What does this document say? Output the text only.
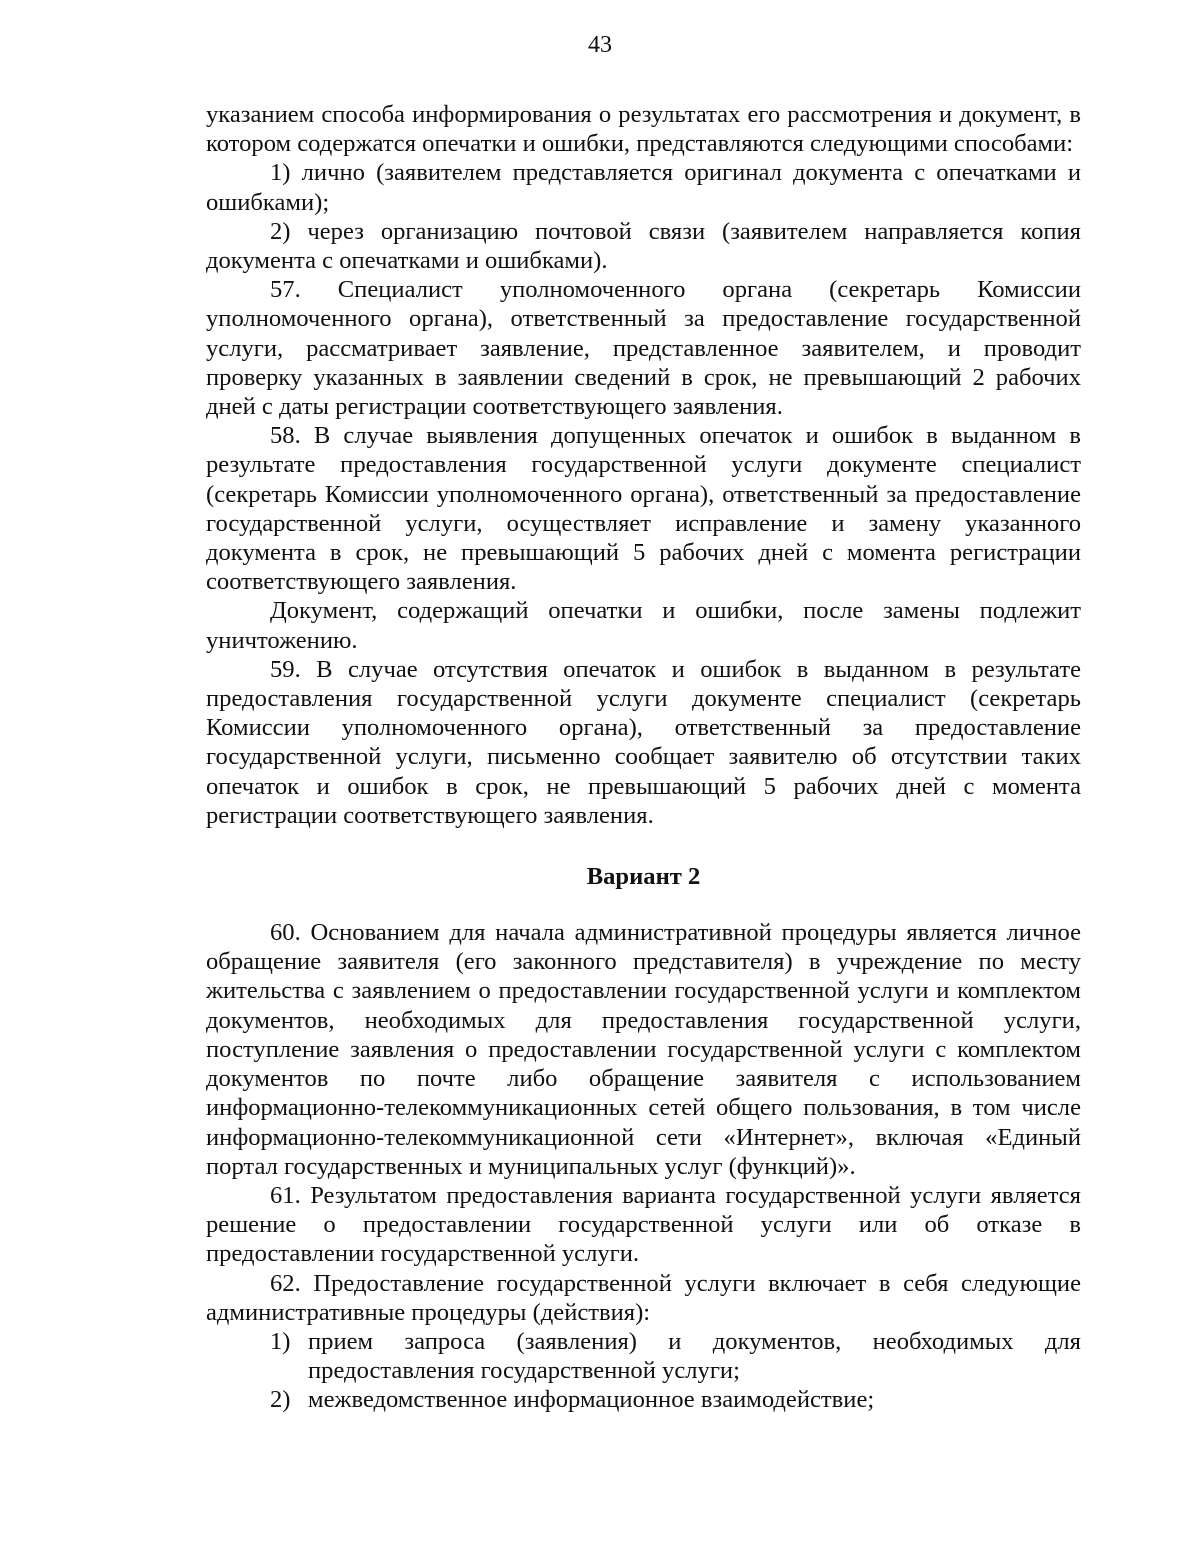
43

указанием способа информирования о результатах его рассмотрения и документ, в котором содержатся опечатки и ошибки, представляются следующими способами:

1) лично (заявителем представляется оригинал документа с опечатками и ошибками);

2) через организацию почтовой связи (заявителем направляется копия документа с опечатками и ошибками).

57. Специалист уполномоченного органа (секретарь Комиссии уполномоченного органа), ответственный за предоставление государственной услуги, рассматривает заявление, представленное заявителем, и проводит проверку указанных в заявлении сведений в срок, не превышающий 2 рабочих дней с даты регистрации соответствующего заявления.

58. В случае выявления допущенных опечаток и ошибок в выданном в результате предоставления государственной услуги документе специалист (секретарь Комиссии уполномоченного органа), ответственный за предоставление государственной услуги, осуществляет исправление и замену указанного документа в срок, не превышающий 5 рабочих дней с момента регистрации соответствующего заявления.

Документ, содержащий опечатки и ошибки, после замены подлежит уничтожению.

59. В случае отсутствия опечаток и ошибок в выданном в результате предоставления государственной услуги документе специалист (секретарь Комиссии уполномоченного органа), ответственный за предоставление государственной услуги, письменно сообщает заявителю об отсутствии таких опечаток и ошибок в срок, не превышающий 5 рабочих дней с момента регистрации соответствующего заявления.

Вариант 2

60. Основанием для начала административной процедуры является личное обращение заявителя (его законного представителя) в учреждение по месту жительства с заявлением о предоставлении государственной услуги и комплектом документов, необходимых для предоставления государственной услуги, поступление заявления о предоставлении государственной услуги с комплектом документов по почте либо обращение заявителя с использованием информационно-телекоммуникационных сетей общего пользования, в том числе информационно-телекоммуникационной сети «Интернет», включая «Единый портал государственных и муниципальных услуг (функций)».

61. Результатом предоставления варианта государственной услуги является решение о предоставлении государственной услуги или об отказе в предоставлении государственной услуги.

62. Предоставление государственной услуги включает в себя следующие административные процедуры (действия):

1) прием запроса (заявления) и документов, необходимых для предоставления государственной услуги;
2) межведомственное информационное взаимодействие;
